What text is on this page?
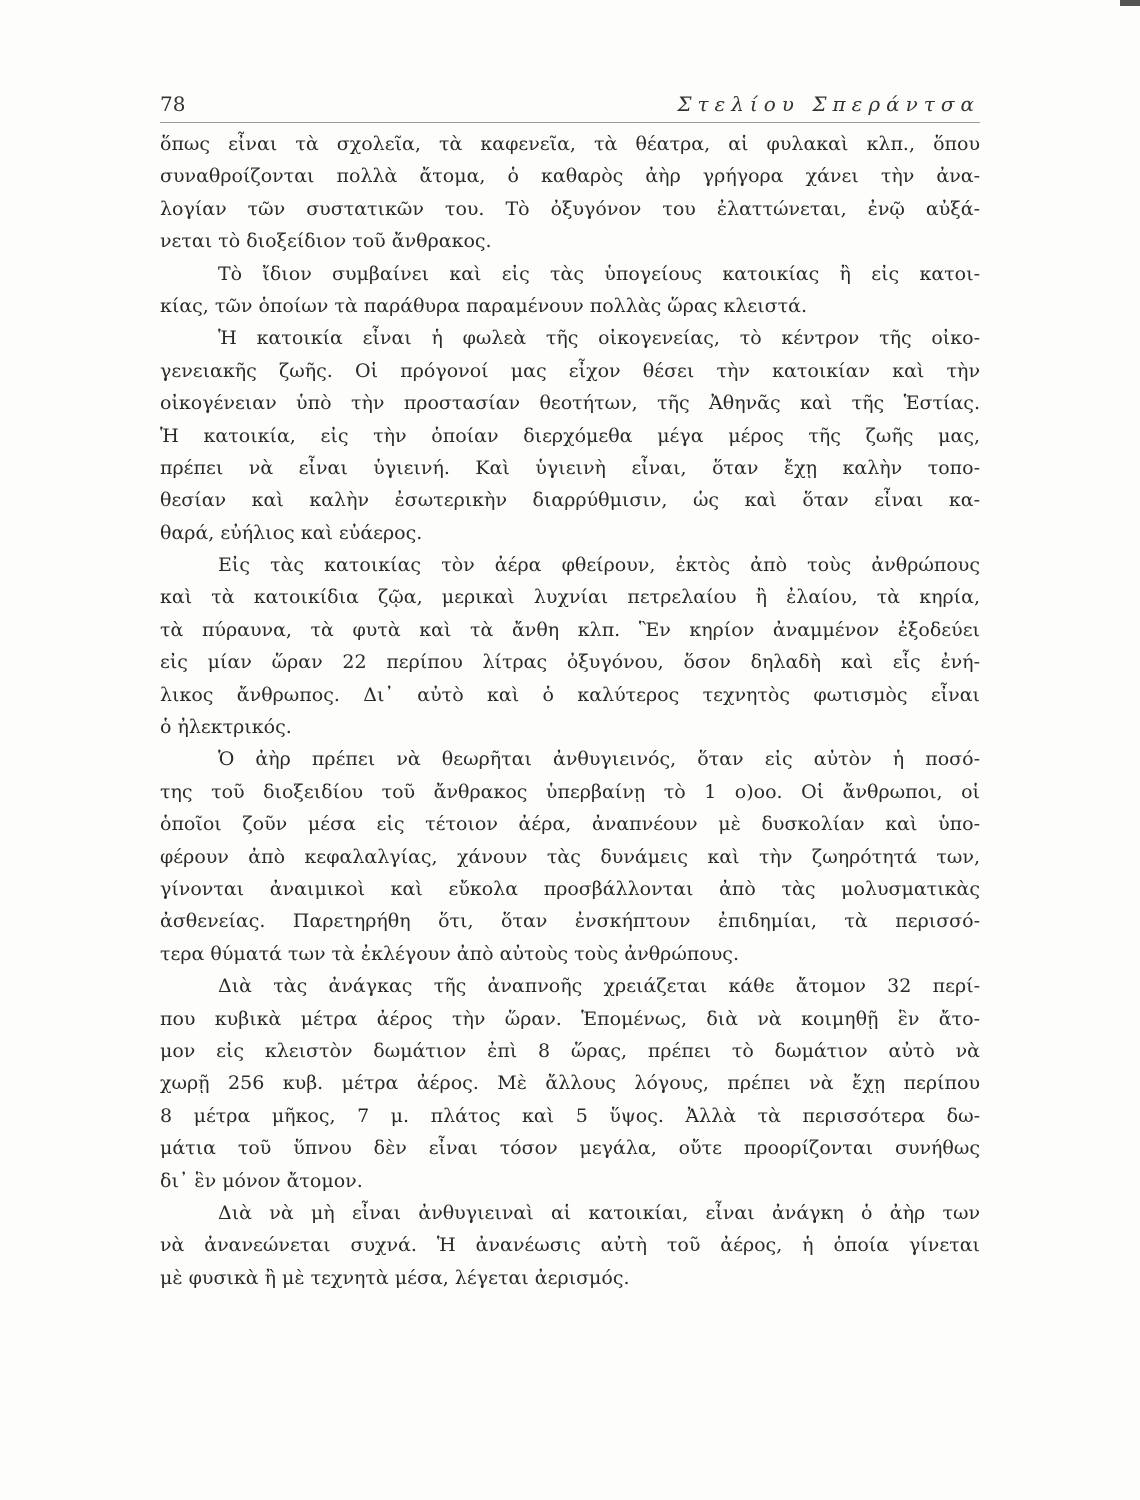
78	Στελίου Σπεράντσα
ὅπως εἶναι τὰ σχολεῖα, τὰ καφενεῖα, τὰ θέατρα, αἱ φυλακαὶ κλπ., ὅπου
συναθροίζονται πολλὰ ἄτομα, ὁ καθαρὸς ἀὴρ γρήγορα χάνει τὴν ἀνα-
λογίαν τῶν συστατικῶν του. Τὸ ὀξυγόνον του ἐλαττώνεται, ἐνῷ αὐξά-
νεται τὸ διοξείδιον τοῦ ἄνθρακος.
Τὸ ἴδιον συμβαίνει καὶ εἰς τὰς ὑπογείους κατοικίας ἢ εἰς κατοι-
κίας, τῶν ὁποίων τὰ παράθυρα παραμένουν πολλὰς ὥρας κλειστά.
Ἡ κατοικία εἶναι ἡ φωλεὰ τῆς οἰκογενείας, τὸ κέντρον τῆς οἰκο-
γενειακῆς ζωῆς. Οἱ πρόγονοί μας εἶχον θέσει τὴν κατοικίαν καὶ τὴν
οἰκογένειαν ὑπὸ τὴν προστασίαν θεοτήτων, τῆς Ἀθηνᾶς καὶ τῆς Ἑστίας.
Ἡ κατοικία, εἰς τὴν ὁποίαν διερχόμεθα μέγα μέρος τῆς ζωῆς μας,
πρέπει νὰ εἶναι ὑγιεινή. Καὶ ὑγιεινὴ εἶναι, ὅταν ἔχῃ καλὴν τοπο-
θεσίαν καὶ καλὴν ἐσωτερικὴν διαρρύθμισιν, ὡς καὶ ὅταν εἶναι κα-
θαρά, εὐήλιος καὶ εὐάερος.
Εἰς τὰς κατοικίας τὸν ἀέρα φθείρουν, ἐκτὸς ἀπὸ τοὺς ἀνθρώπους
καὶ τὰ κατοικίδια ζῷα, μερικαὶ λυχνίαι πετρελαίου ἢ ἐλαίου, τὰ κηρία,
τὰ πύραυνα, τὰ φυτὰ καὶ τὰ ἄνθη κλπ. Ἓν κηρίον ἀναμμένον ἐξοδεύει
εἰς μίαν ὥραν 22 περίπου λίτρας ὀξυγόνου, ὅσον δηλαδὴ καὶ εἷς ἐνή-
λικος ἄνθρωπος. Δι᾿ αὐτὸ καὶ ὁ καλύτερος τεχνητὸς φωτισμὸς εἶναι
ὁ ἠλεκτρικός.
Ὁ ἀὴρ πρέπει νὰ θεωρῆται ἀνθυγιεινός, ὅταν εἰς αὐτὸν ἡ ποσό-
της τοῦ διοξειδίου τοῦ ἄνθρακος ὑπερβαίνῃ τὸ 1 ο)οο. Οἱ ἄνθρωποι, οἱ
ὁποῖοι ζοῦν μέσα εἰς τέτοιον ἀέρα, ἀναπνέουν μὲ δυσκολίαν καὶ ὑπο-
φέρουν ἀπὸ κεφαλαλγίας, χάνουν τὰς δυνάμεις καὶ τὴν ζωηρότητά των,
γίνονται ἀναιμικοὶ καὶ εὔκολα προσβάλλονται ἀπὸ τὰς μολυσματικὰς
ἀσθενείας. Παρετηρήθη ὅτι, ὅταν ἐνσκήπτουν ἐπιδημίαι, τὰ περισσό-
τερα θύματά των τὰ ἐκλέγουν ἀπὸ αὐτοὺς τοὺς ἀνθρώπους.
Διὰ τὰς ἀνάγκας τῆς ἀναπνοῆς χρειάζεται κάθε ἄτομον 32 περί-
που κυβικὰ μέτρα ἀέρος τὴν ὥραν. Ἑπομένως, διὰ νὰ κοιμηθῇ ἓν ἄτο-
μον εἰς κλειστὸν δωμάτιον ἐπὶ 8 ὥρας, πρέπει τὸ δωμάτιον αὐτὸ νὰ
χωρῇ 256 κυβ. μέτρα ἀέρος. Μὲ ἄλλους λόγους, πρέπει νὰ ἔχῃ περίπου
8 μέτρα μῆκος, 7 μ. πλάτος καὶ 5 ὕψος. Ἀλλὰ τὰ περισσότερα δω-
μάτια τοῦ ὕπνου δὲν εἶναι τόσον μεγάλα, οὔτε προορίζονται συνήθως
δι᾿ ἓν μόνον ἄτομον.
Διὰ νὰ μὴ εἶναι ἀνθυγιειναὶ αἱ κατοικίαι, εἶναι ἀνάγκη ὁ ἀὴρ των
νὰ ἀνανεώνεται συχνά. Ἡ ἀνανέωσις αὐτὴ τοῦ ἀέρος, ἡ ὁποία γίνεται
μὲ φυσικὰ ἢ μὲ τεχνητὰ μέσα, λέγεται ἀερισμός.
